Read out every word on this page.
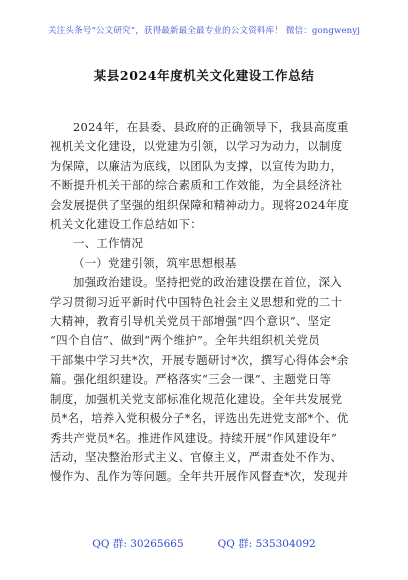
关注头条号“公文研究”，获得最新最全最专业的公文资料库！ 微信：gongwenyj
某县2024年度机关文化建设工作总结
2024年，在县委、县政府的正确领导下，我县高度重
视机关文化建设，以党建为引领，以学习为动力，以制度
为保障，以廉洁为底线，以团队为支撑，以宣传为助力，
不断提升机关干部的综合素质和工作效能，为全县经济社
会发展提供了坚强的组织保障和精神动力。现将2024年度
机关文化建设工作总结如下：
一、工作情况
（一）党建引领，筑牢思想根基
加强政治建设。坚持把党的政治建设摆在首位，深入
学习贯彻习近平新时代中国特色社会主义思想和党的二十
大精神，教育引导机关党员干部增强“四个意识”、坚定
“四个自信”、做到“两个维护”。全年共组织机关党员
干部集中学习共*次，开展专题研讨*次，撰写心得体会*余
篇。强化组织建设。严格落实“三会一课”、主题党日等
制度，加强机关党支部标准化规范化建设。全年共发展党
员*名，培养入党积极分子*名，评选出先进党支部*个、优
秀共产党员*名。推进作风建设。持续开展“作风建设年”
活动，坚决整治形式主义、官僚主义，严肃查处不作为、
慢作为、乱作为等问题。全年共开展作风督查*次，发现并
QQ 群: 30265665	QQ 群: 535304092
